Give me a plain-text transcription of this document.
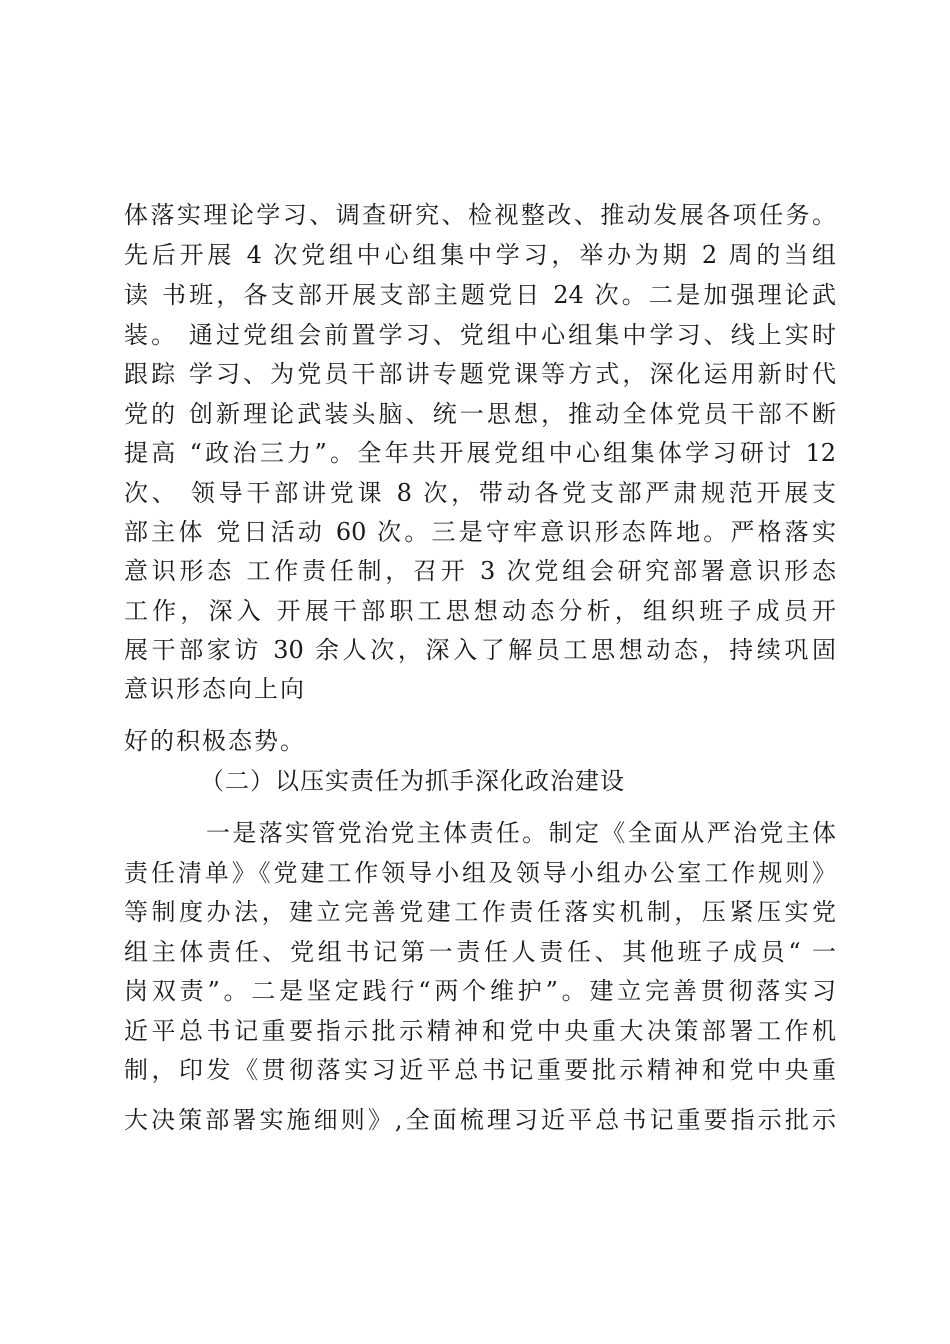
体落实理论学习、调查研究、检视整改、推动发展各项任务。
先后开展 4 次党组中心组集中学习，举办为期 2 周的当组
读 书班，各支部开展支部主题党日 24 次。二是加强理论武
装。 通过党组会前置学习、党组中心组集中学习、线上实时
跟踪 学习、为党员干部讲专题党课等方式，深化运用新时代
党的 创新理论武装头脑、统一思想，推动全体党员干部不断
提高 “政治三力”。全年共开展党组中心组集体学习研讨 12
次、 领导干部讲党课 8 次，带动各党支部严肃规范开展支
部主体 党日活动 60 次。三是守牢意识形态阵地。严格落实
意识形态 工作责任制，召开 3 次党组会研究部署意识形态
工作，深入 开展干部职工思想动态分析，组织班子成员开
展干部家访 30 余人次，深入了解员工思想动态，持续巩固
意识形态向上向
好的积极态势。
（二）以压实责任为抓手深化政治建设
一是落实管党治党主体责任。制定《全面从严治党主体
责任清单》《党建工作领导小组及领导小组办公室工作规则》
等制度办法，建立完善党建工作责任落实机制，压紧压实党
组主体责任、党组书记第一责任人责任、其他班子成员“ 一
岗双责”。二是坚定践行“两个维护”。建立完善贯彻落实习
近平总书记重要指示批示精神和党中央重大决策部署工作机
制，印发《贯彻落实习近平总书记重要批示精神和党中央重
大决策部署实施细则》,全面梳理习近平总书记重要指示批示
